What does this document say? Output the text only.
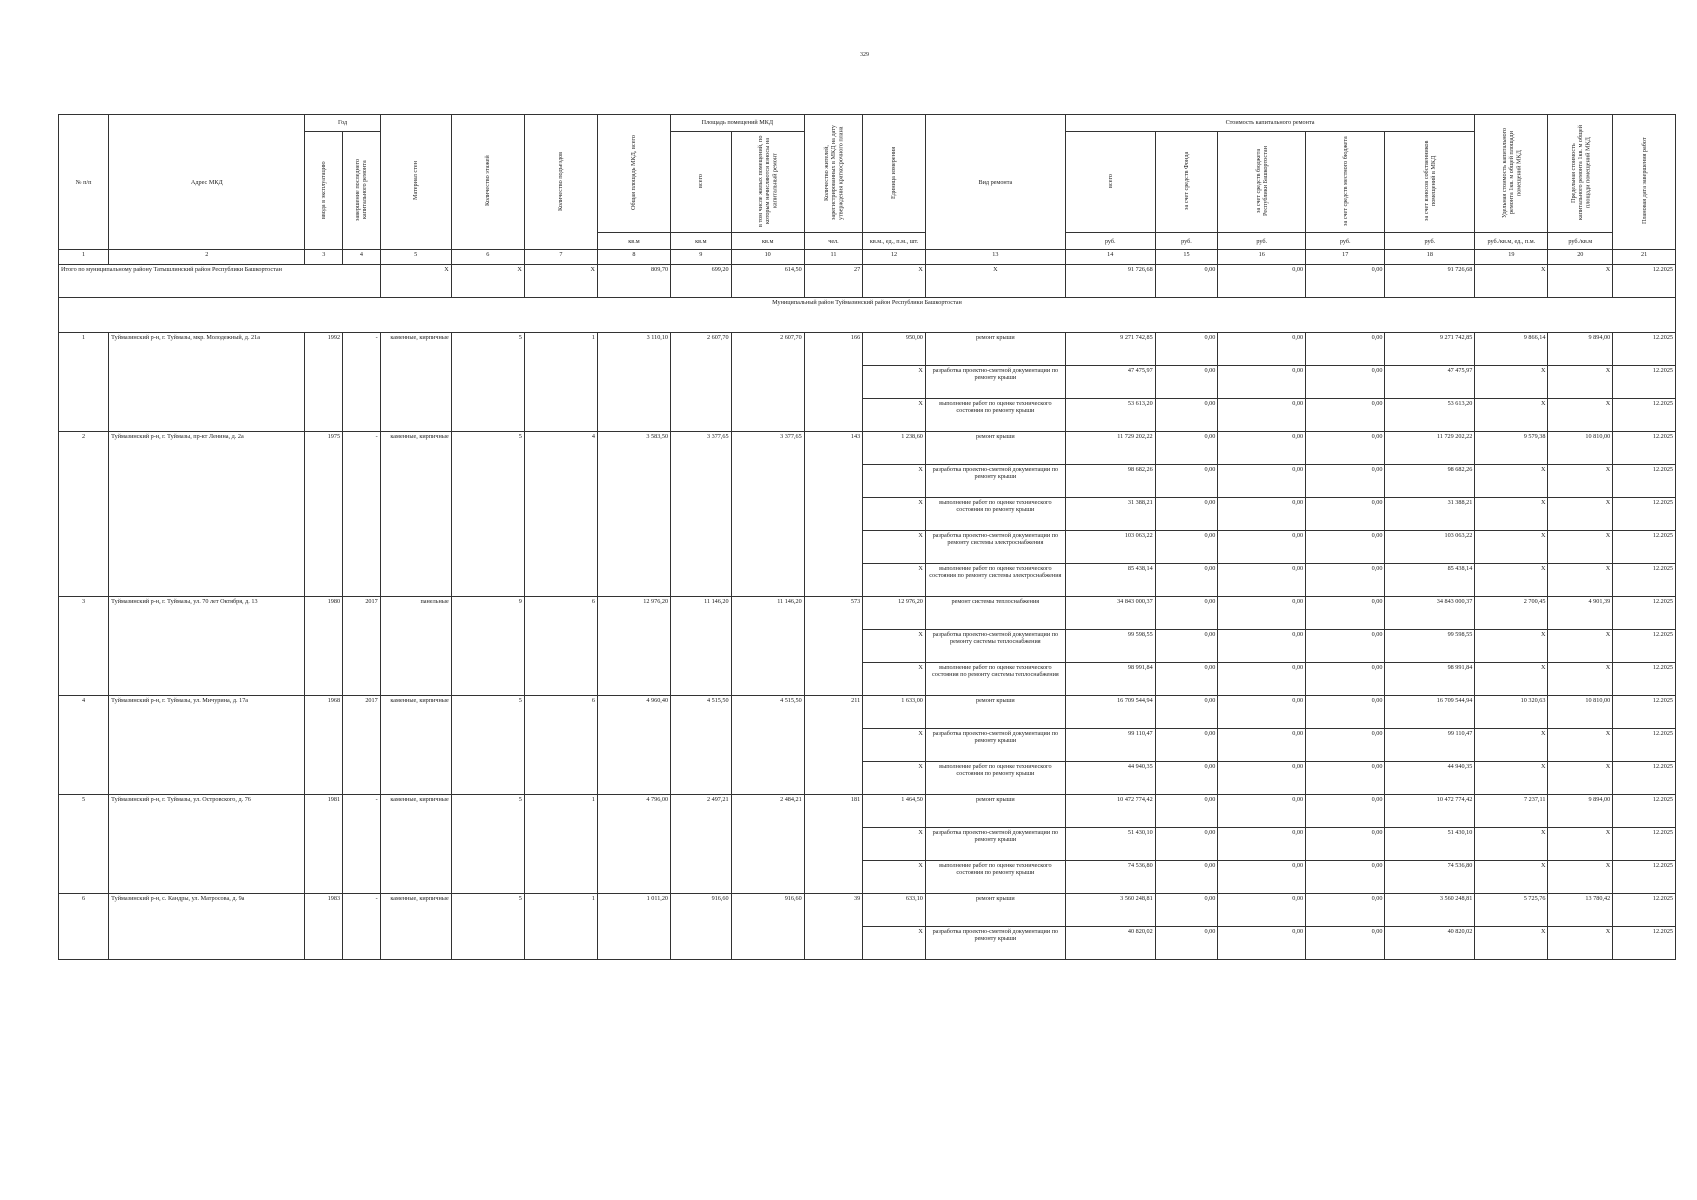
329
№ п/п	Адрес МКД	Год		Материал стен	Количество этажей	Количество подъездов	Общая площадь МКД, всего	Площадь помещений МКД		Количество жителей, зарегистрированных в МКД на дату утверждения краткосрочного плана	Единица измерения	Вид ремонта	Стоимость капитального ремонта					Удельная стоимость капитального ремонта 1кв. м общей площади помещений МКД	Предельная стоимость капитального ремонта 1кв. м общей площади помещений МКД	Плановая дата завершения работ
		ввода в эксплуатацию	завершение последнего капитального ремонта					всего	в том числе жилых помещений, по которым начисляются взносы на капитальный ремонт				всего	за счет средств Фонда	за счет средств бюджета Республики Башкортостан	за счет средств местного бюджета	за счет взносов собственников помещений в МКД			
							кв.м	кв.м	кв.м	чел.	кв.м., ед., п.м., шт.		руб.	руб.	руб.	руб.	руб.	руб./кв.м, ед., п.м.	руб./кв.м	
1	2	3	4	5	6	7	8	9	10	11	12	13	14	15	16	17	18	19	20	21
Итого по муниципальному району Татышлинский район Республики Башкортостан				X	X	X	809,70	699,20	614,50	27	X	X	91 726,68	0,00	0,00	0,00	91 726,68	X	X	12.2025
Муниципальный район Туймазинский район Республики Башкортостан																				
1	Туймазинский р-н, г. Туймазы, мкр. Молодежный, д. 21а	1992	-	каменные, кирпичные	5	1	3 110,10	2 607,70	2 607,70	166	950,00	ремонт крыши	9 271 742,85	0,00	0,00	0,00	9 271 742,85	9 866,14	9 894,00	12.2025
											X	разработка проектно-сметной документации по ремонту крыши	47 475,97	0,00	0,00	0,00	47 475,97	X	X	12.2025
											X	выполнение работ по оценке технического состояния по ремонту крыши	53 613,20	0,00	0,00	0,00	53 613,20	X	X	12.2025
2	Туймазинский р-н, г. Туймазы, пр-кт Ленина, д. 2а	1975	-	каменные, кирпичные	5	4	3 583,50	3 377,65	3 377,65	143	1 238,60	ремонт крыши	11 729 202,22	0,00	0,00	0,00	11 729 202,22	9 579,38	10 810,00	12.2025
											X	разработка проектно-сметной документации по ремонту крыши	98 682,26	0,00	0,00	0,00	98 682,26	X	X	12.2025
											X	выполнение работ по оценке технического состояния по ремонту крыши	31 388,21	0,00	0,00	0,00	31 388,21	X	X	12.2025
											X	разработка проектно-сметной документации по ремонту системы электроснабжения	103 063,22	0,00	0,00	0,00	103 063,22	X	X	12.2025
											X	выполнение работ по оценке технического состояния по ремонту системы электроснабжения	85 438,14	0,00	0,00	0,00	85 438,14	X	X	12.2025
3	Туймазинский р-н, г. Туймазы, ул. 70 лет Октября, д. 13	1980	2017	панельные	9	6	12 976,20	11 146,20	11 146,20	573	12 976,20	ремонт системы теплоснабжения	34 843 000,37	0,00	0,00	0,00	34 843 000,37	2 700,45	4 901,39	12.2025
											X	разработка проектно-сметной документации по ремонту системы теплоснабжения	99 598,55	0,00	0,00	0,00	99 598,55	X	X	12.2025
											X	выполнение работ по оценке технического состояния по ремонту системы теплоснабжения	98 991,84	0,00	0,00	0,00	98 991,84	X	X	12.2025
4	Туймазинский р-н, г. Туймазы, ул. Мичурина, д. 17а	1968	2017	каменные, кирпичные	5	6	4 960,40	4 515,50	4 515,50	211	1 633,00	ремонт крыши	16 709 544,94	0,00	0,00	0,00	16 709 544,94	10 320,63	10 810,00	12.2025
											X	разработка проектно-сметной документации по ремонту крыши	99 110,47	0,00	0,00	0,00	99 110,47	X	X	12.2025
											X	выполнение работ по оценке технического состояния по ремонту крыши	44 940,35	0,00	0,00	0,00	44 940,35	X	X	12.2025
5	Туймазинский р-н, г. Туймазы, ул. Островского, д. 76	1981	-	каменные, кирпичные	5	1	4 796,00	2 497,21	2 484,21	181	1 464,50	ремонт крыши	10 472 774,42	0,00	0,00	0,00	10 472 774,42	7 237,11	9 894,00	12.2025
											X	разработка проектно-сметной документации по ремонту крыши	51 430,10	0,00	0,00	0,00	51 430,10	X	X	12.2025
											X	выполнение работ по оценке технического состояния по ремонту крыши	74 536,80	0,00	0,00	0,00	74 536,80	X	X	12.2025
6	Туймазинский р-н, с. Кандры, ул. Матросова, д. 9а	1983	-	каменные, кирпичные	5	1	1 011,20	916,60	916,60	39	633,10	ремонт крыши	3 560 248,81	0,00	0,00	0,00	3 560 248,81	5 725,76	13 780,42	12.2025
											X	разработка проектно-сметной документации по ремонту крыши	40 820,02	0,00	0,00	0,00	40 820,02	X	X	12.2025
